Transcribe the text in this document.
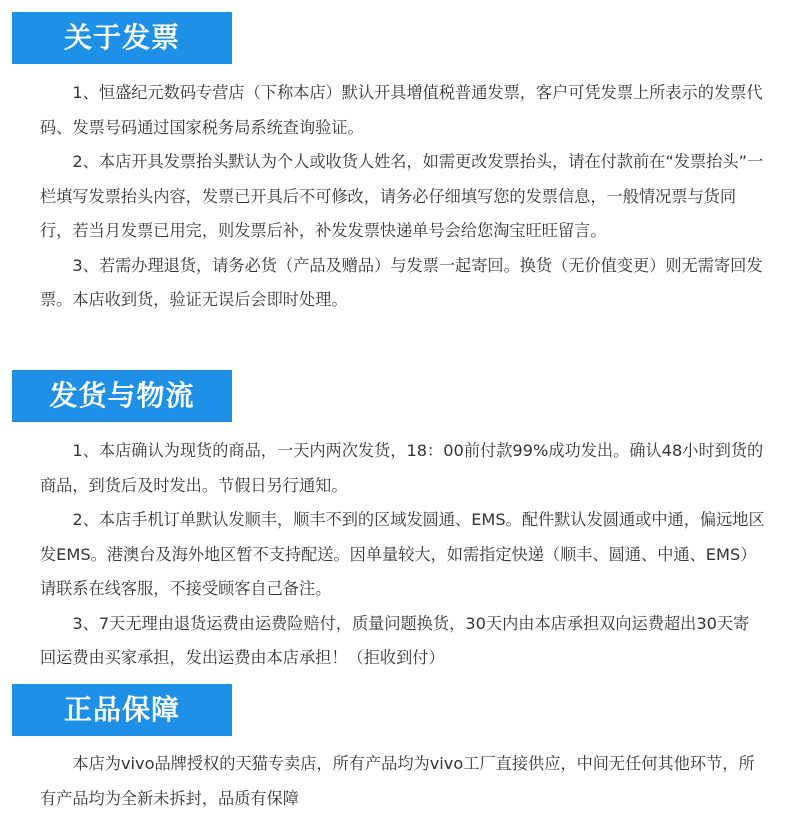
关于发票

1、恒盛纪元数码专营店（下称本店）默认开具增值税普通发票，客户可凭发票上所表示的发票代码、发票号码通过国家税务局系统查询验证。

2、本店开具发票抬头默认为个人或收货人姓名，如需更改发票抬头，请在付款前在“发票抬头”一栏填写发票抬头内容，发票已开具后不可修改，请务必仔细填写您的发票信息，一般情况票与货同行，若当月发票已用完，则发票后补，补发发票快递单号会给您淘宝旺旺留言。

3、若需办理退货，请务必货（产品及赠品）与发票一起寄回。换货（无价值变更）则无需寄回发票。本店收到货，验证无误后会即时处理。

发货与物流

1、本店确认为现货的商品，一天内两次发货，18：00前付款99%成功发出。确认48小时到货的商品，到货后及时发出。节假日另行通知。

2、本店手机订单默认发顺丰，顺丰不到的区域发圆通、EMS。配件默认发圆通或中通，偏远地区发EMS。港澳台及海外地区暂不支持配送。因单量较大，如需指定快递（顺丰、圆通、中通、EMS）请联系在线客服，不接受顾客自己备注。

3、7天无理由退货运费由运费险赔付，质量问题换货，30天内由本店承担双向运费超出30天寄回运费由买家承担，发出运费由本店承担！（拒收到付）

正品保障

本店为vivo品牌授权的天猫专卖店，所有产品均为vivo工厂直接供应，中间无任何其他环节，所有产品均为全新未拆封，品质有保障
